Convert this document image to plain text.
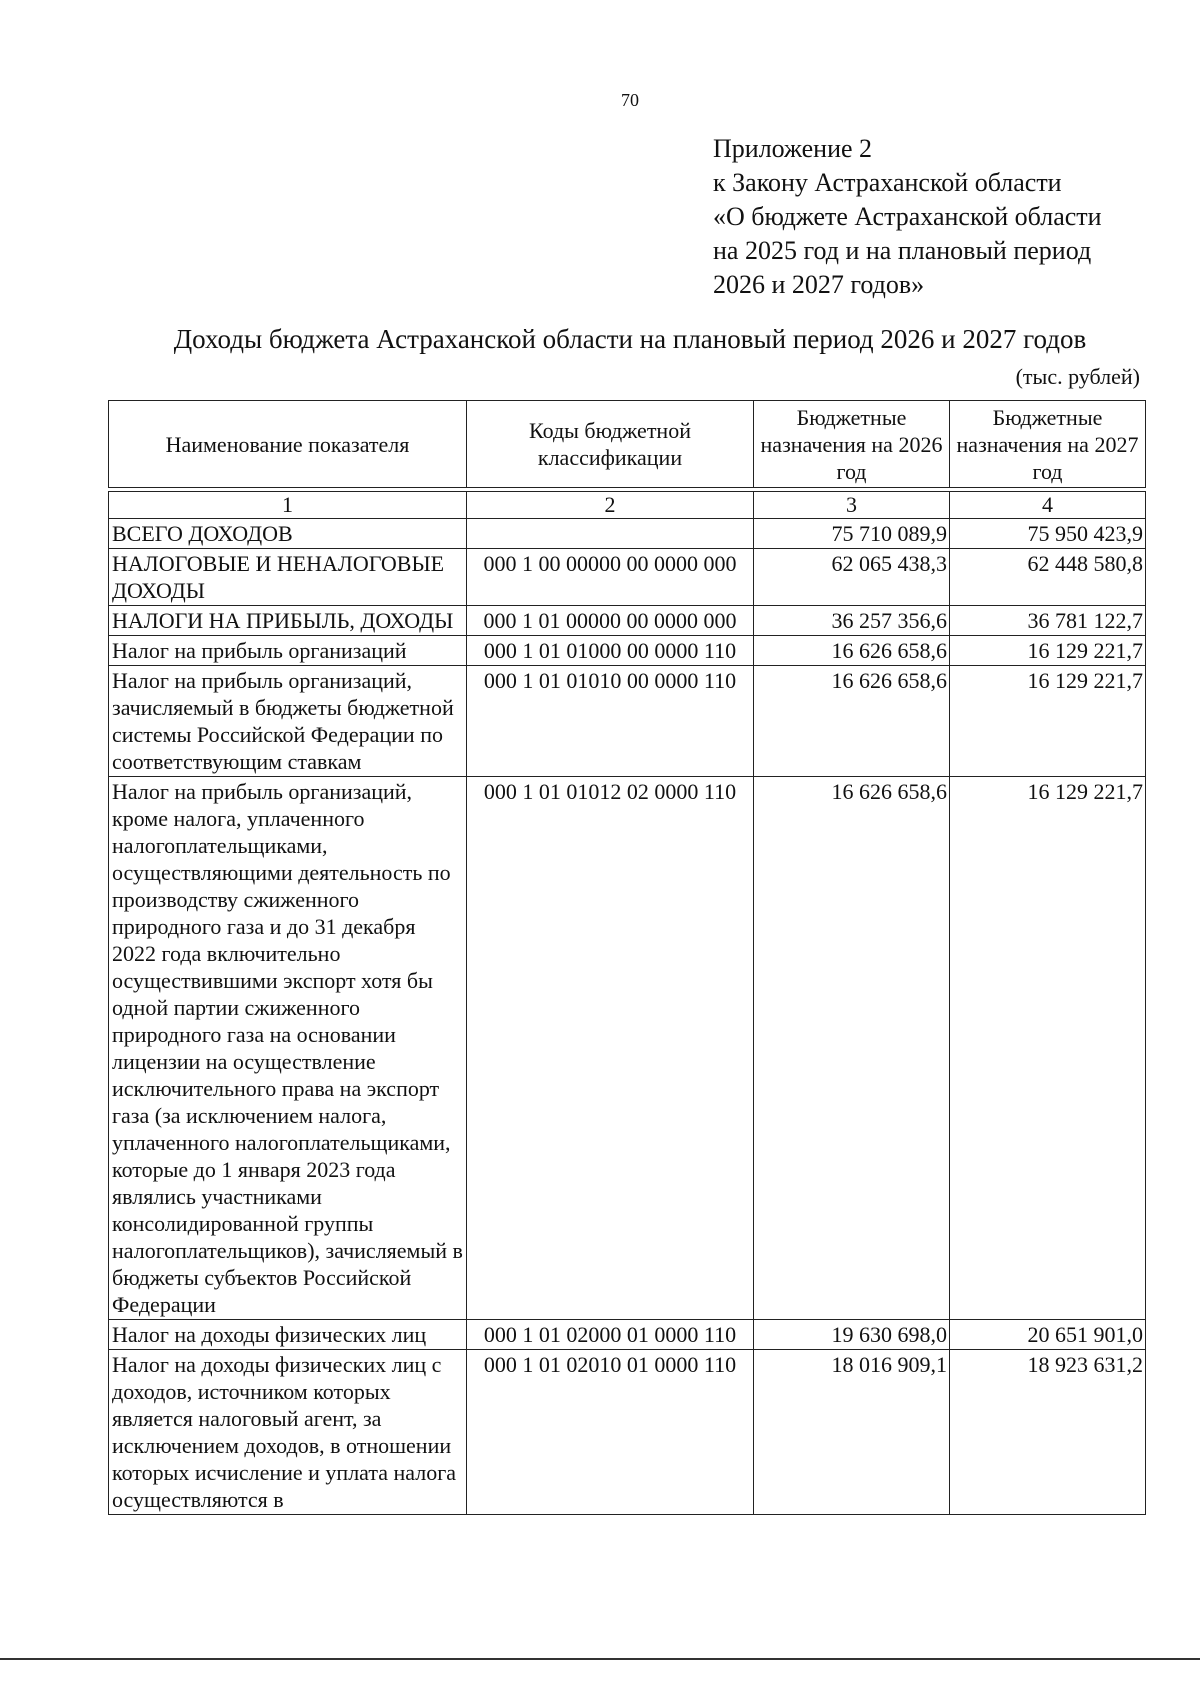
70
Приложение 2
к Закону Астраханской области
«О бюджете Астраханской области
на 2025 год и на плановый период
2026 и 2027 годов»
Доходы бюджета Астраханской области на плановый период 2026 и 2027 годов
(тыс. рублей)
Наименование показателя	Коды бюджетной классификации	Бюджетные назначения на 2026 год	Бюджетные назначения на 2027 год
1	2	3	4
ВСЕГО ДОХОДОВ		75 710 089,9	75 950 423,9
НАЛОГОВЫЕ И НЕНАЛОГОВЫЕ ДОХОДЫ	000 1 00 00000 00 0000 000	62 065 438,3	62 448 580,8
НАЛОГИ НА ПРИБЫЛЬ, ДОХОДЫ	000 1 01 00000 00 0000 000	36 257 356,6	36 781 122,7
Налог на прибыль организаций	000 1 01 01000 00 0000 110	16 626 658,6	16 129 221,7
Налог на прибыль организаций, зачисляемый в бюджеты бюджетной системы Российской Федерации по соответствующим ставкам	000 1 01 01010 00 0000 110	16 626 658,6	16 129 221,7
Налог на прибыль организаций, кроме налога, уплаченного налогоплательщиками, осуществляющими деятельность по производству сжиженного природного газа и до 31 декабря 2022 года включительно осуществившими экспорт хотя бы одной партии сжиженного природного газа на основании лицензии на осуществление исключительного права на экспорт газа (за исключением налога, уплаченного налогоплательщиками, которые до 1 января 2023 года являлись участниками консолидированной группы налогоплательщиков), зачисляемый в бюджеты субъектов Российской Федерации	000 1 01 01012 02 0000 110	16 626 658,6	16 129 221,7
Налог на доходы физических лиц	000 1 01 02000 01 0000 110	19 630 698,0	20 651 901,0
Налог на доходы физических лиц с доходов, источником которых является налоговый агент, за исключением доходов, в отношении которых исчисление и уплата налога осуществляются в	000 1 01 02010 01 0000 110	18 016 909,1	18 923 631,2
